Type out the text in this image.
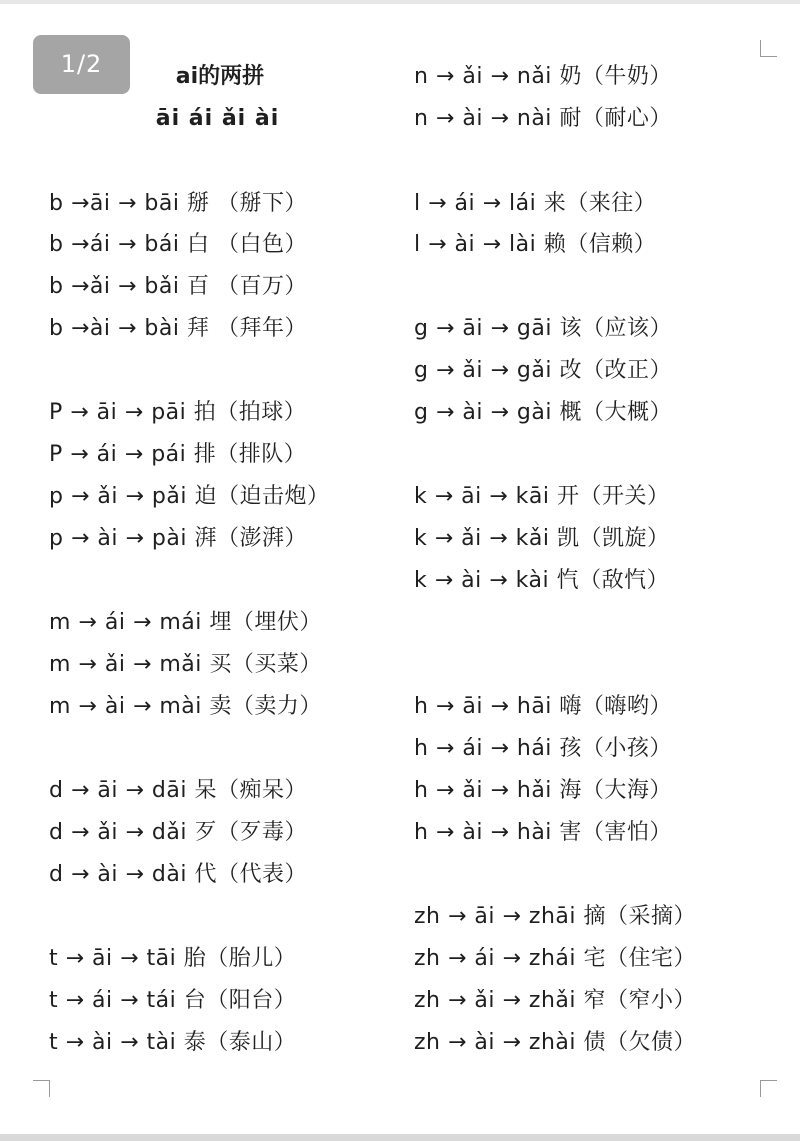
1/2	ai的两拼
āi ái ǎi ài
b →āi → bāi 掰 （掰下）
b →ái → bái 白 （白色）
b →ǎi → bǎi 百 （百万）
b →ài → bài 拜 （拜年）
P → āi → pāi 拍（拍球）
P → ái → pái 排（排队）
p → ǎi → pǎi 迫（迫击炮）
p → ài → pài 湃（澎湃）
m → ái → mái 埋（埋伏）
m → ǎi → mǎi 买（买菜）
m → ài → mài 卖（卖力）
d → āi → dāi 呆（痴呆）
d → ǎi → dǎi 歹（歹毒）
d → ài → dài 代（代表）
t → āi → tāi 胎（胎儿）
t → ái → tái 台（阳台）
t → ài → tài 泰（泰山）
n → ǎi → nǎi 奶（牛奶）
n → ài → nài 耐（耐心）
l → ái → lái 来（来往）
l → ài → lài 赖（信赖）
g → āi → gāi 该（应该）
g → ǎi → gǎi 改（改正）
g → ài → gài 概（大概）
k → āi → kāi 开（开关）
k → ǎi → kǎi 凯（凯旋）
k → ài → kài 忾（敌忾）
h → āi → hāi 嗨（嗨哟）
h → ái → hái 孩（小孩）
h → ǎi → hǎi 海（大海）
h → ài → hài 害（害怕）
zh → āi → zhāi 摘（采摘）
zh → ái → zhái 宅（住宅）
zh → ǎi → zhǎi 窄（窄小）
zh → ài → zhài 债（欠债）
